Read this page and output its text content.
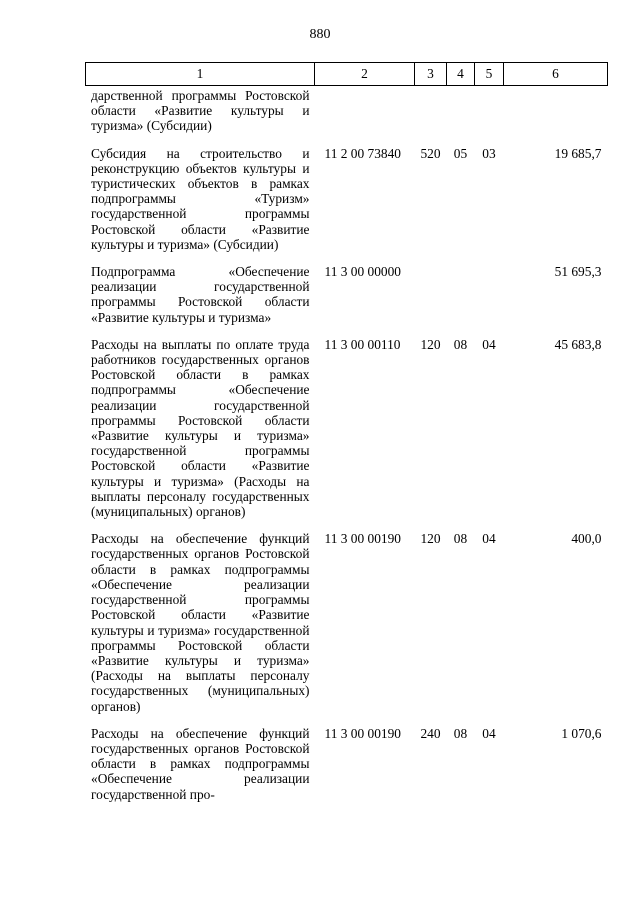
880
1	2	3	4	5	6
дарственной программы Ростовской области «Развитие культуры и туризма» (Субсидии)					
Субсидия на строительство и реконструкцию объектов культуры и туристических объектов в рамках подпрограммы «Туризм» государственной программы Ростовской области «Развитие культуры и туризма» (Субсидии)	11 2 00 73840	520	05	03	19 685,7
Подпрограмма «Обеспечение реализации государственной программы Ростовской области «Развитие культуры и туризма»	11 3 00 00000				51 695,3
Расходы на выплаты по оплате труда работников государственных органов Ростовской области в рамках подпрограммы «Обеспечение реализации государственной программы Ростовской области «Развитие культуры и туризма» государственной программы Ростовской области «Развитие культуры и туризма» (Расходы на выплаты персоналу государственных (муниципальных) органов)	11 3 00 00110	120	08	04	45 683,8
Расходы на обеспечение функций государственных органов Ростовской области в рамках подпрограммы «Обеспечение реализации государственной программы Ростовской области «Развитие культуры и туризма» государственной программы Ростовской области «Развитие культуры и туризма» (Расходы на выплаты персоналу государственных (муниципальных) органов)	11 3 00 00190	120	08	04	400,0
Расходы на обеспечение функций государственных органов Ростовской области в рамках подпрограммы «Обеспечение реализации государственной про-	11 3 00 00190	240	08	04	1 070,6
